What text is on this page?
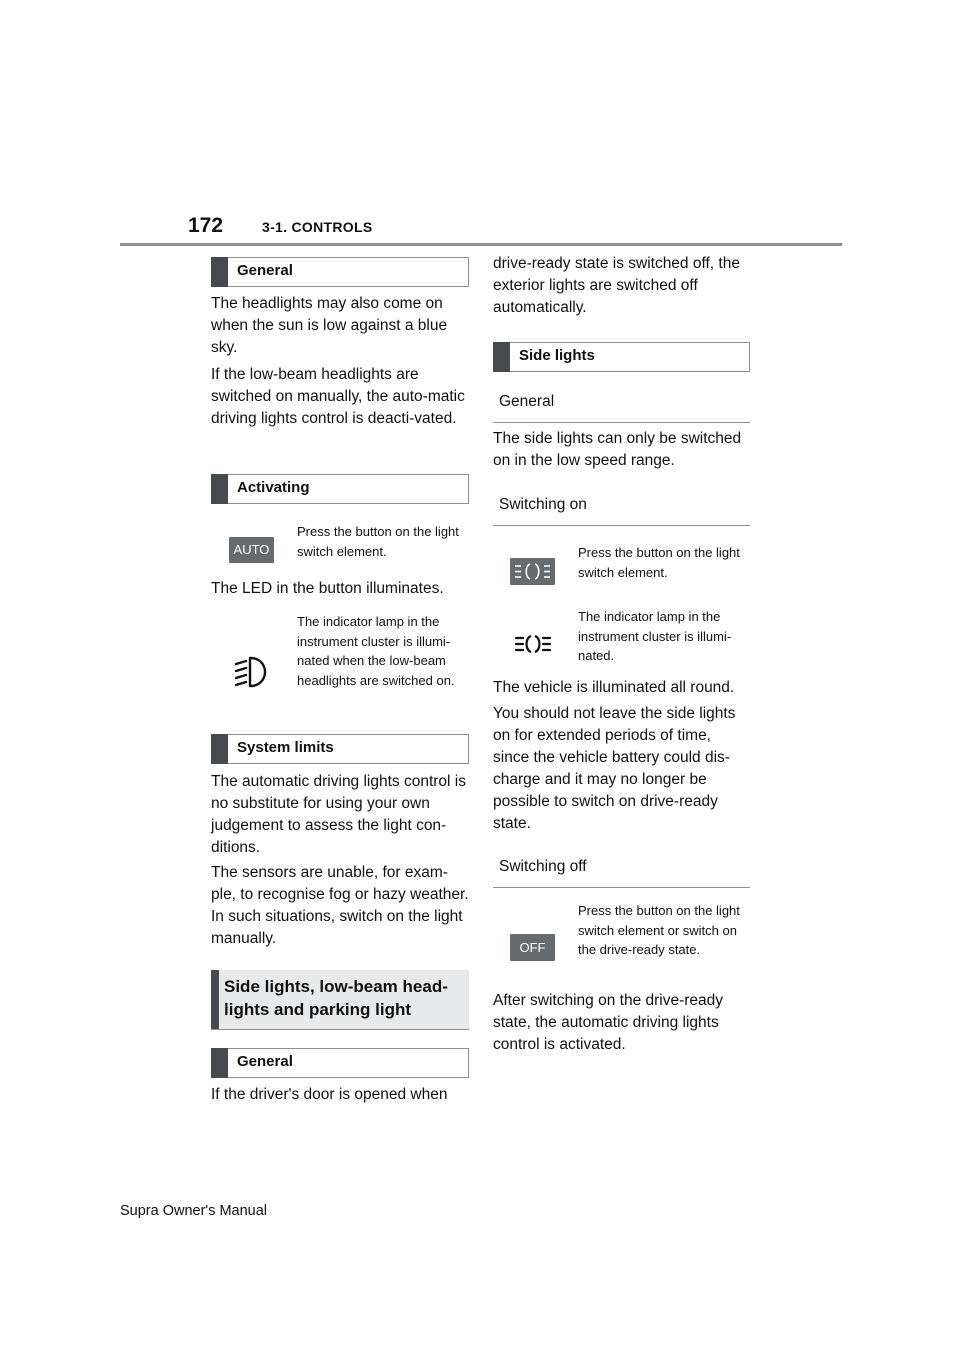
172	3-1. CONTROLS
General
The headlights may also come on when the sun is low against a blue sky.
If the low-beam headlights are switched on manually, the auto-matic driving lights control is deacti-vated.
Activating
AUTO
Press the button on the light switch element.
The LED in the button illuminates.
The indicator lamp in the instrument cluster is illumi-nated when the low-beam headlights are switched on.
System limits
The automatic driving lights control is no substitute for using your own judgement to assess the light con-ditions.
The sensors are unable, for exam-ple, to recognise fog or hazy weather. In such situations, switch on the light manually.
Side lights, low-beam head-lights and parking light
General
If the driver's door is opened when
drive-ready state is switched off, the exterior lights are switched off automatically.
Side lights
General
The side lights can only be switched on in the low speed range.
Switching on
Press the button on the light switch element.
The indicator lamp in the instrument cluster is illumi-nated.
The vehicle is illuminated all round.
You should not leave the side lights on for extended periods of time, since the vehicle battery could dis-charge and it may no longer be possible to switch on drive-ready state.
Switching off
OFF
Press the button on the light switch element or switch on the drive-ready state.
After switching on the drive-ready state, the automatic driving lights control is activated.
Supra Owner's Manual
